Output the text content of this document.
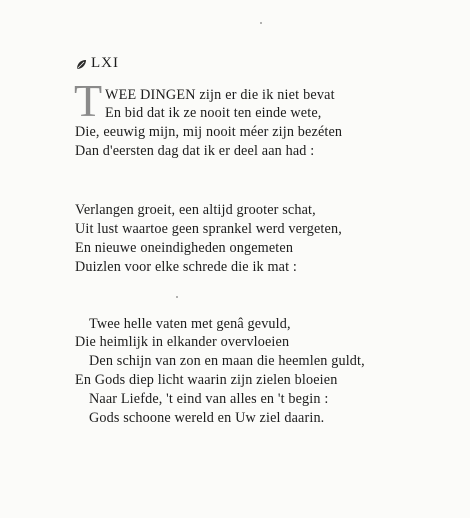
LXI
T WEE DINGEN zijn er die ik niet bevat
En bid dat ik ze nooit ten einde wete,
Die, eeuwig mijn, mij nooit méer zijn bezéten
Dan d'eersten dag dat ik er deel aan had :
Verlangen groeit, een altijd grooter schat,
Uit lust waartoe geen sprankel werd vergeten,
En nieuwe oneindigheden ongemeten
Duizlen voor elke schrede die ik mat :
Twee helle vaten met genâ gevuld,
Die heimlijk in elkander overvloeien
Den schijn van zon en maan die heemlen guldt,
En Gods diep licht waarin zijn zielen bloeien
Naar Liefde, 't eind van alles en 't begin :
Gods schoone wereld en Uw ziel daarin.
